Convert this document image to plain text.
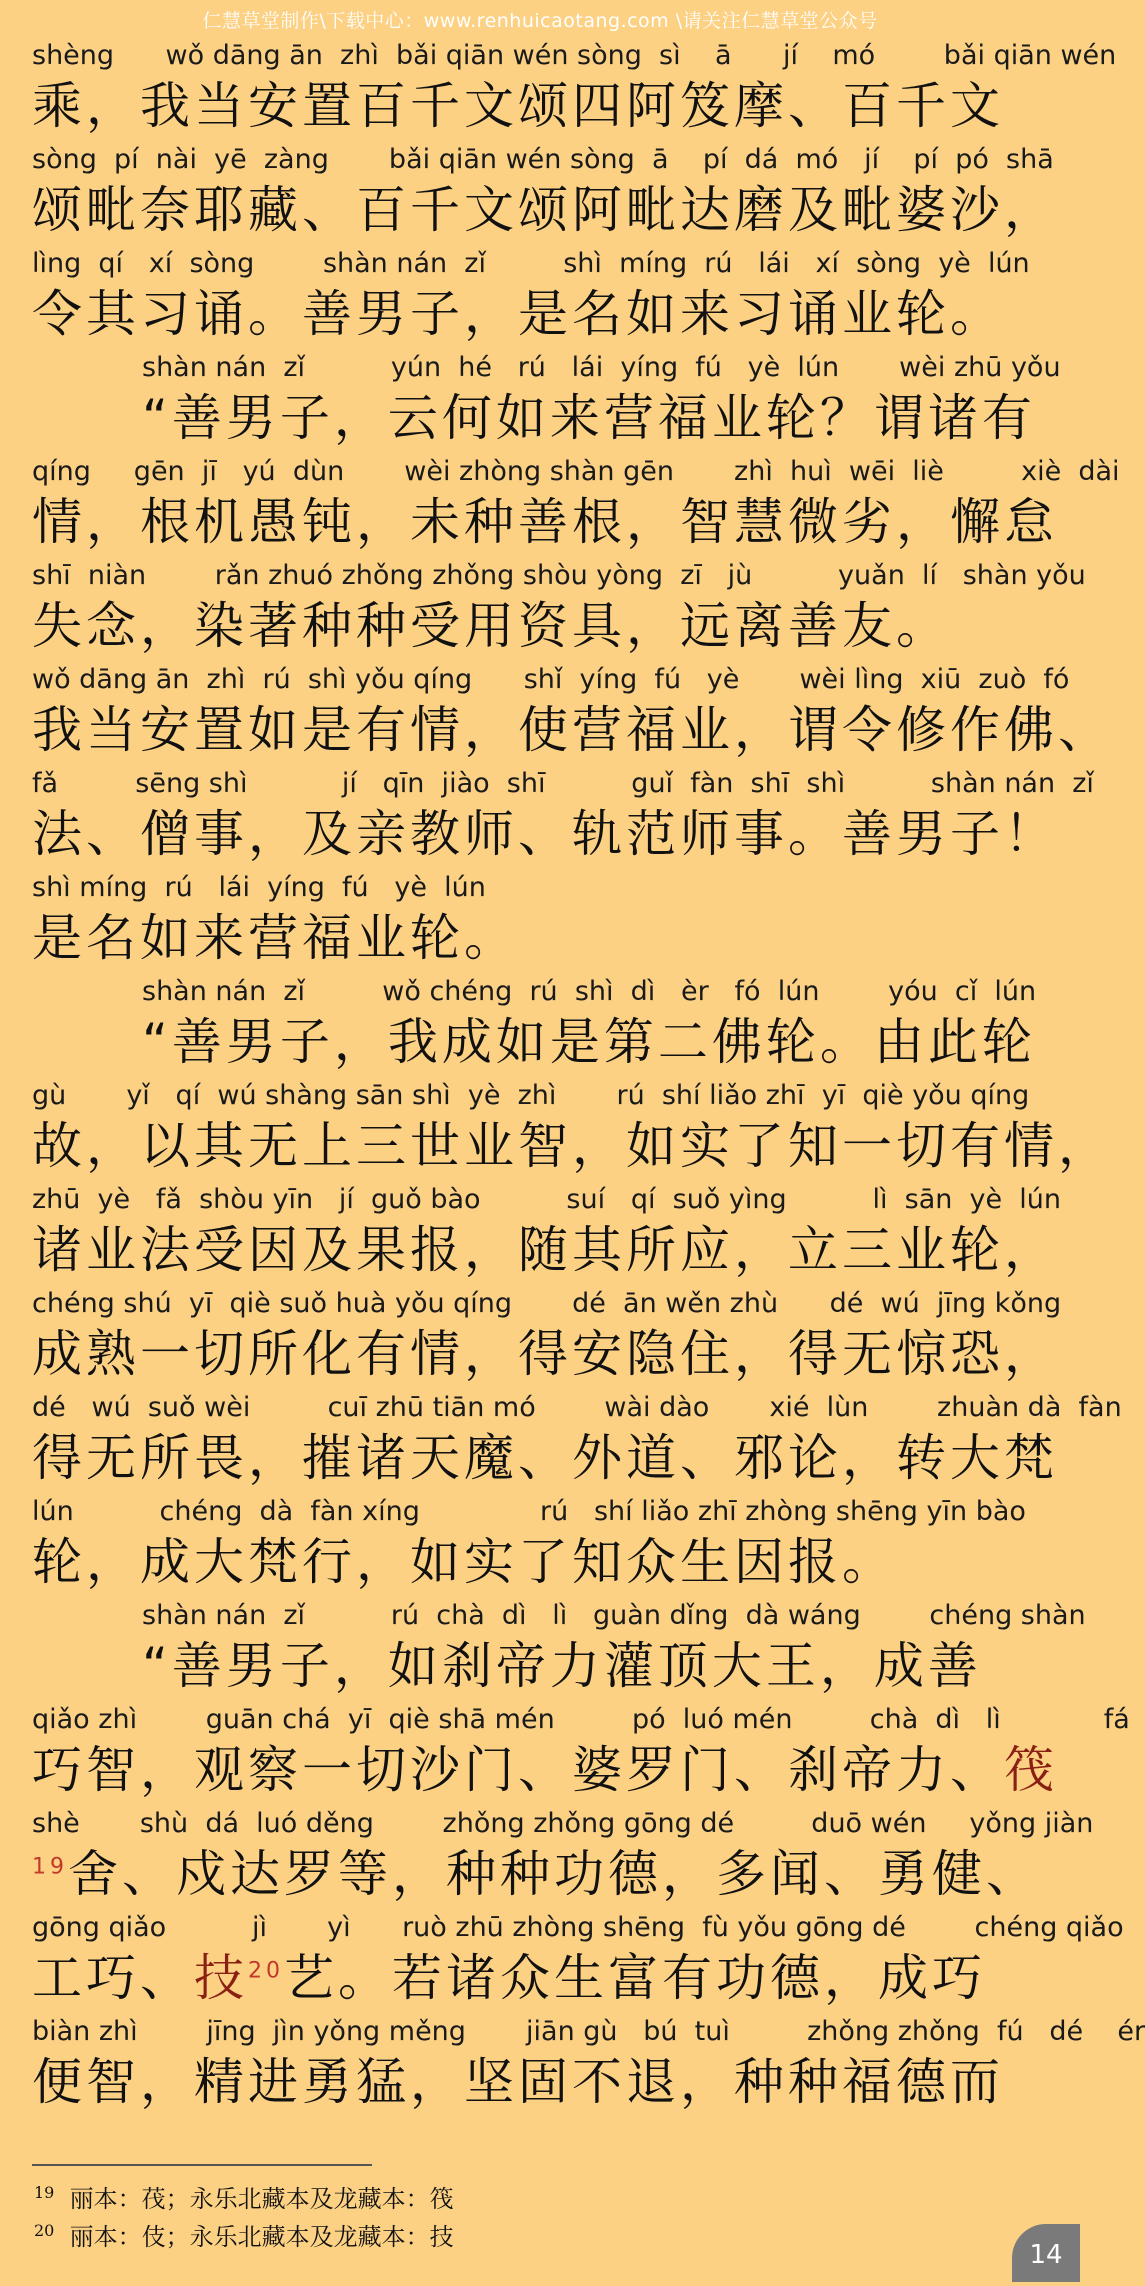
仁慧草堂制作\下载中心：www.renhuicaotang.com \请关注仁慧草堂公众号
shèng      wǒ dāng ān  zhì  bǎi qiān wén sòng  sì    ā      jí    mó        bǎi qiān wén
乘，我当安置百千文颂四阿笈摩、百千文
sòng  pí  nài  yē  zàng       bǎi qiān wén sòng  ā    pí  dá  mó   jí    pí  pó  shā
颂毗奈耶藏、百千文颂阿毗达磨及毗婆沙，
lìng  qí   xí  sòng        shàn nán  zǐ         shì  míng  rú   lái   xí  sòng  yè  lún
令其习诵。善男子，是名如来习诵业轮。
shàn nán  zǐ          yún  hé   rú   lái  yíng  fú   yè  lún       wèi zhū yǒu
“善男子，云何如来营福业轮？谓诸有
qíng     gēn  jī   yú  dùn       wèi zhòng shàn gēn       zhì  huì  wēi  liè         xiè  dài
情，根机愚钝，未种善根，智慧微劣，懈怠
shī  niàn        rǎn zhuó zhǒng zhǒng shòu yòng  zī   jù          yuǎn  lí   shàn yǒu
失念，染著种种受用资具，远离善友。
wǒ dāng ān  zhì  rú  shì yǒu qíng      shǐ  yíng  fú   yè       wèi lìng  xiū  zuò  fó
我当安置如是有情，使营福业，谓令修作佛、
fǎ         sēng shì           jí   qīn  jiào  shī          guǐ  fàn  shī  shì          shàn nán  zǐ
法、僧事，及亲教师、轨范师事。善男子！
shì míng  rú   lái  yíng  fú   yè  lún
是名如来营福业轮。
shàn nán  zǐ         wǒ chéng  rú  shì  dì   èr   fó  lún        yóu  cǐ  lún
“善男子，我成如是第二佛轮。由此轮
gù       yǐ   qí  wú shàng sān shì  yè  zhì       rú  shí liǎo zhī  yī  qiè yǒu qíng
故，以其无上三世业智，如实了知一切有情，
zhū  yè   fǎ  shòu yīn   jí  guǒ bào          suí   qí  suǒ yìng          lì  sān  yè  lún
诸业法受因及果报，随其所应，立三业轮，
chéng shú  yī  qiè suǒ huà yǒu qíng       dé  ān wěn zhù      dé  wú  jīng kǒng
成熟一切所化有情，得安隐住，得无惊恐，
dé   wú  suǒ wèi         cuī zhū tiān mó        wài dào       xié  lùn        zhuàn dà  fàn
得无所畏，摧诸天魔、外道、邪论，转大梵
lún          chéng  dà  fàn xíng              rú   shí liǎo zhī zhòng shēng yīn bào
轮，成大梵行，如实了知众生因报。
shàn nán  zǐ          rú  chà  dì   lì   guàn dǐng  dà wáng        chéng shàn
“善男子，如刹帝力灌顶大王，成善
qiǎo zhì        guān chá  yī  qiè shā mén         pó  luó mén         chà  dì   lì            fá
巧智，观察一切沙门、婆罗门、刹帝力、筏
shè       shù  dá  luó děng        zhǒng zhǒng gōng dé         duō wén     yǒng jiàn
$^{19}$舍、戍达罗等，种种功德，多闻、勇健、
gōng qiǎo          jì       yì      ruò zhū zhòng shēng  fù yǒu gōng dé        chéng qiǎo
工巧、技$^{20}$艺。若诸众生富有功德，成巧
biàn zhì        jīng  jìn yǒng měng       jiān gù   bú  tuì         zhǒng zhǒng  fú   dé    ér
便智，精进勇猛，坚固不退，种种福德而
$^{19}$ 丽本：茷；永乐北藏本及龙藏本：筏
$^{20}$ 丽本：伎；永乐北藏本及龙藏本：技
14
